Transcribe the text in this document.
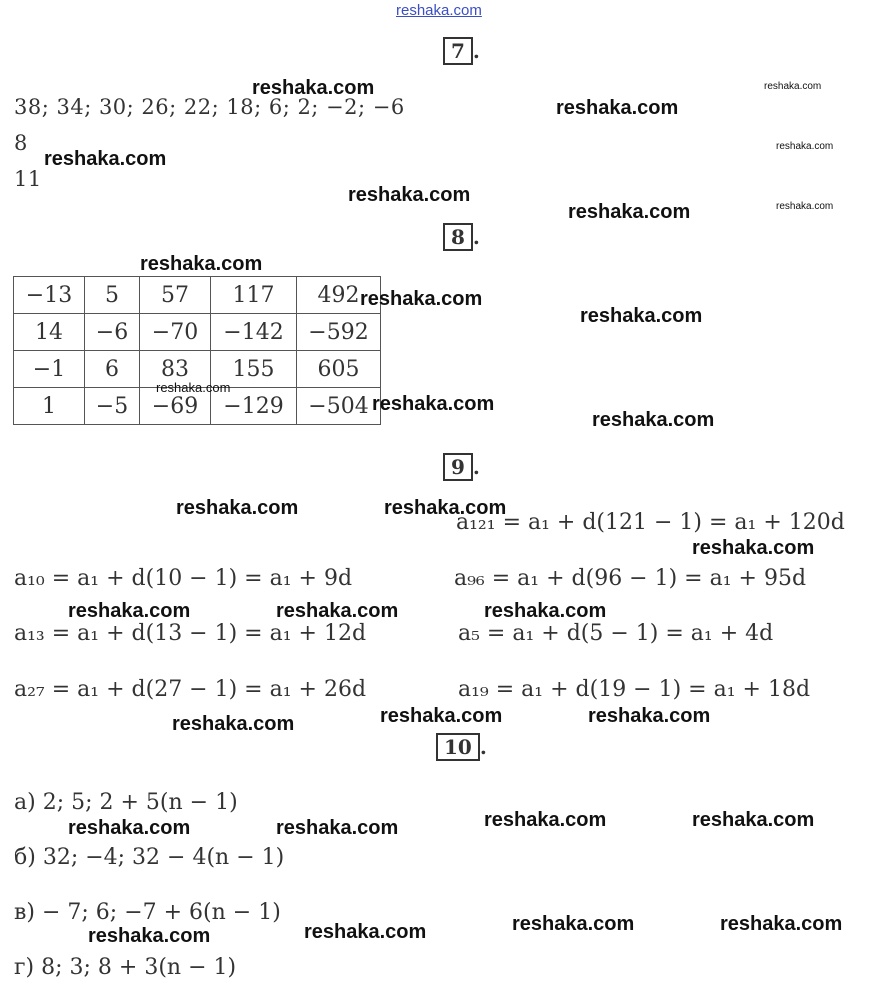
reshaka.com
7 .
38; 34; 30; 26; 22; 18; 6; 2; −2; −6
8
11
8 .
−13	5	57	117	492
14	−6	−70	−142	−592
−1	6	83	155	605
1	−5	−69	−129	−504
9 .
a₁₂₁ = a₁ + d(121 − 1) = a₁ + 120d
a₁₀ = a₁ + d(10 − 1) = a₁ + 9d	a₉₆ = a₁ + d(96 − 1) = a₁ + 95d
a₁₃ = a₁ + d(13 − 1) = a₁ + 12d	a₅ = a₁ + d(5 − 1) = a₁ + 4d
a₂₇ = a₁ + d(27 − 1) = a₁ + 26d	a₁₉ = a₁ + d(19 − 1) = a₁ + 18d
10 .
а) 2; 5; 2 + 5(n − 1)
б) 32; −4; 32 − 4(n − 1)
в) − 7; 6; −7 + 6(n − 1)
г) 8; 3; 8 + 3(n − 1)
reshaka.com
reshaka.com
reshaka.com
reshaka.com
reshaka.com
reshaka.com
reshaka.com	reshaka.com
reshaka.com
reshaka.com
reshaka.com
reshaka.com
reshaka.com
reshaka.com
reshaka.com	reshaka.com
reshaka.com
reshaka.com	reshaka.com	reshaka.com
reshaka.com	reshaka.com
reshaka.com
reshaka.com	reshaka.com
reshaka.com	reshaka.com
reshaka.com	reshaka.com
reshaka.com
reshaka.com
